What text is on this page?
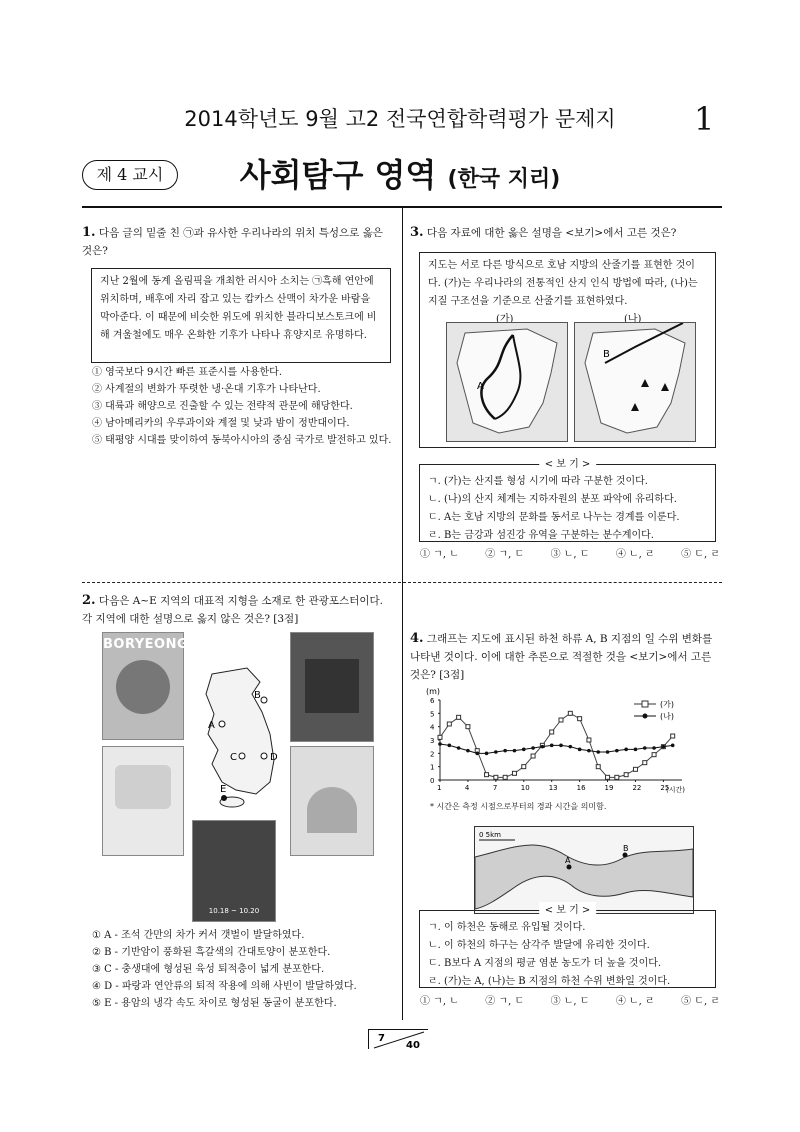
2014학년도 9월 고2 전국연합학력평가 문제지	1
제 4 교시	사회탐구 영역 (한국 지리)
1. 다음 글의 밑줄 친 ㉠과 유사한 우리나라의 위치 특성으로 옳은 것은?
지난 2월에 동계 올림픽을 개최한 러시아 소치는 ㉠흑해 연안에 위치하며, 배후에 자리 잡고 있는 캅카스 산맥이 차가운 바람을 막아준다. 이 때문에 비슷한 위도에 위치한 블라디보스토크에 비해 겨울철에도 매우 온화한 기후가 나타나 휴양지로 유명하다.
① 영국보다 9시간 빠른 표준시를 사용한다.
② 사계절의 변화가 뚜렷한 냉·온대 기후가 나타난다.
③ 대륙과 해양으로 진출할 수 있는 전략적 관문에 해당한다.
④ 남아메리카의 우루과이와 계절 및 낮과 밤이 정반대이다.
⑤ 태평양 시대를 맞이하여 동북아시아의 중심 국가로 발전하고 있다.
2. 다음은 A~E 지역의 대표적 지형을 소재로 한 관광포스터이다. 각 지역에 대한 설명으로 옳지 않은 것은? [3점]
BORYEONG
10.18 ~ 10.20
B
A
C	D
E
① A - 조석 간만의 차가 커서 갯벌이 발달하였다.
② B - 기반암이 풍화된 흑갈색의 간대토양이 분포한다.
③ C - 충생대에 형성된 육성 퇴적층이 넓게 분포한다.
④ D - 파랑과 연안류의 퇴적 작용에 의해 사빈이 발달하였다.
⑤ E - 용암의 냉각 속도 차이로 형성된 동굴이 분포한다.
3. 다음 자료에 대한 옳은 설명을 <보기>에서 고른 것은?
지도는 서로 다른 방식으로 호남 지방의 산줄기를 표현한 것이다. (가)는 우리나라의 전통적인 산지 인식 방법에 따라, (나)는 지질 구조선을 기준으로 산줄기를 표현하였다.
(가)	(나)
A
B
< 보 기 >
ㄱ. (가)는 산지를 형성 시기에 따라 구분한 것이다.
ㄴ. (나)의 산지 체계는 지하자원의 분포 파악에 유리하다.
ㄷ. A는 호남 지방의 문화를 동서로 나누는 경계를 이룬다.
ㄹ. B는 금강과 섬진강 유역을 구분하는 분수계이다.
① ㄱ, ㄴ	② ㄱ, ㄷ	③ ㄴ, ㄷ	④ ㄴ, ㄹ	⑤ ㄷ, ㄹ
4. 그래프는 지도에 표시된 하천 하류 A, B 지점의 일 수위 변화를 나타낸 것이다. 이에 대한 추론으로 적절한 것을 <보기>에서 고른 것은? [3점]
(m)
0
1
2
3
4
5
6
1	4	7	10	13	16	19	22	25
(시간)
(가)
(나)
* 시간은 측정 시점으로부터의 경과 시간을 의미함.
0 5km
A
B
< 보 기 >
ㄱ. 이 하천은 동해로 유입될 것이다.
ㄴ. 이 하천의 하구는 삼각주 발달에 유리한 것이다.
ㄷ. B보다 A 지점의 평균 염분 농도가 더 높을 것이다.
ㄹ. (가)는 A, (나)는 B 지점의 하천 수위 변화일 것이다.
① ㄱ, ㄴ	② ㄱ, ㄷ	③ ㄴ, ㄷ	④ ㄴ, ㄹ	⑤ ㄷ, ㄹ
7
40
